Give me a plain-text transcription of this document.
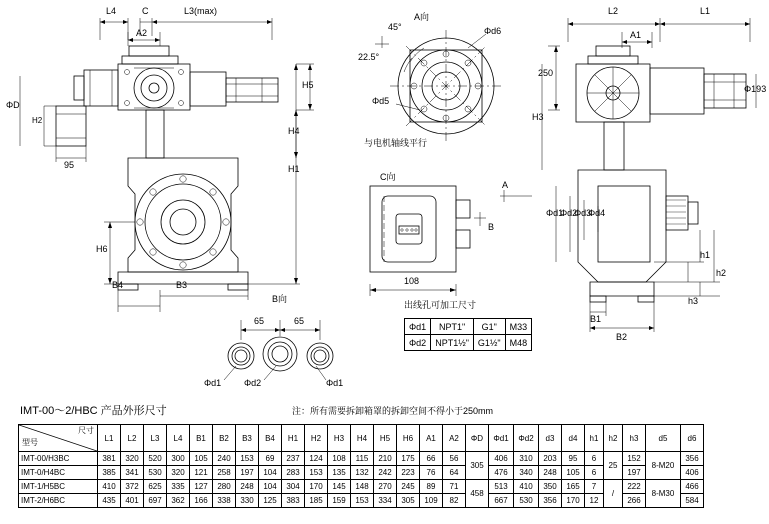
L4	C	L3(max)
A2
ΦD
H2
H5
H4
H1
H6
95
B4	B3
A向
45°
22.5°
Φd6
Φd5
与电机轴线平行
C向
108
B
A
B向
65	65
Φd1	Φd2	Φd1
L2	L1
A1
250
Φ193
H3
Φd1
Φd2
Φd3
Φd4
h1
h2
h3
B1
B2
出线孔可加工尺寸
Φd1	NPT1"	G1"	M33
Φd2	NPT1½"	G1½"	M48
IMT-00～2/HBC 产品外形尺寸	注：所有需要拆卸箱罩的拆卸空间不得小于250mm
尺寸
型号	L1	L2	L3	L4	B1	B2	B3	B4	H1	H2	H3	H4	H5	H6	A1	A2	ΦD	Φd1	Φd2	d3	d4	h1	h2	h3	d5	d6
IMT-00/H3BC	381	320	520	300	105	240	153	69	237	124	108	115	210	175	66	56	305	406	310	203	95	6	25	152	8-M20	356
IMT-0/H4BC	385	341	530	320	121	258	197	104	283	153	135	132	242	223	76	64		476	340	248	105	6		197		406
IMT-1/H5BC	410	372	625	335	127	280	248	104	304	170	145	148	270	245	89	71	458	513	410	350	165	7	/	222	8-M30	466
IMT-2/H6BC	435	401	697	362	166	338	330	125	383	185	159	153	334	305	109	82		667	530	356	170	12		266		584
